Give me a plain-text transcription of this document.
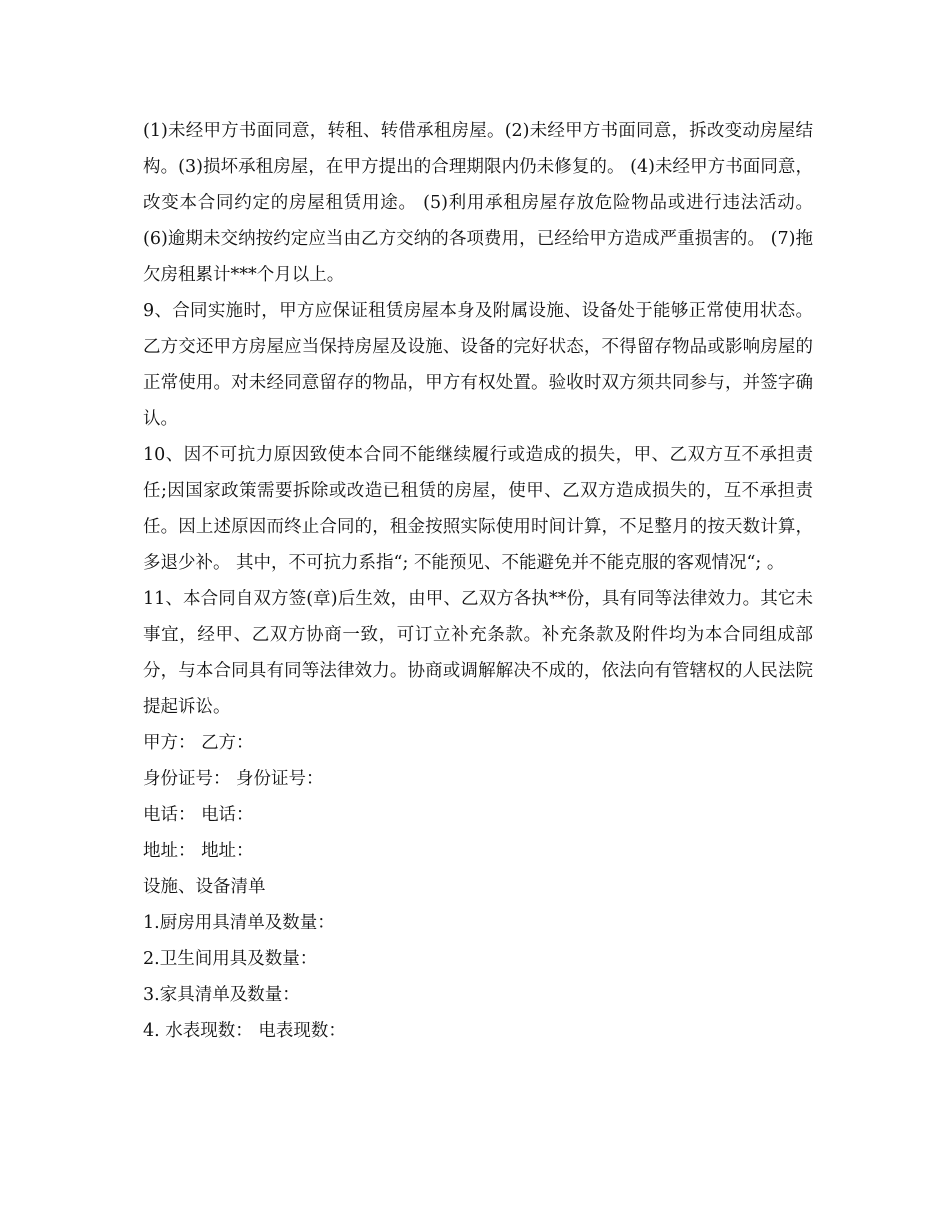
(1)未经甲方书面同意，转租、转借承租房屋。(2)未经甲方书面同意，拆改变动房屋结构。(3)损坏承租房屋，在甲方提出的合理期限内仍未修复的。 (4)未经甲方书面同意，改变本合同约定的房屋租赁用途。 (5)利用承租房屋存放危险物品或进行违法活动。 (6)逾期未交纳按约定应当由乙方交纳的各项费用，已经给甲方造成严重损害的。 (7)拖欠房租累计***个月以上。

9、合同实施时，甲方应保证租赁房屋本身及附属设施、设备处于能够正常使用状态。乙方交还甲方房屋应当保持房屋及设施、设备的完好状态，不得留存物品或影响房屋的正常使用。对未经同意留存的物品，甲方有权处置。验收时双方须共同参与，并签字确认。

10、因不可抗力原因致使本合同不能继续履行或造成的损失，甲、乙双方互不承担责任;因国家政策需要拆除或改造已租赁的房屋，使甲、乙双方造成损失的，互不承担责任。因上述原因而终止合同的，租金按照实际使用时间计算，不足整月的按天数计算，多退少补。 其中，不可抗力系指“; 不能预见、不能避免并不能克服的客观情况“; 。

11、本合同自双方签(章)后生效，由甲、乙双方各执**份，具有同等法律效力。其它未事宜，经甲、乙双方协商一致，可订立补充条款。补充条款及附件均为本合同组成部分，与本合同具有同等法律效力。协商或调解解决不成的，依法向有管辖权的人民法院提起诉讼。

甲方： 乙方：
身份证号： 身份证号：
电话： 电话：
地址： 地址：
设施、设备清单
1.厨房用具清单及数量：
2.卫生间用具及数量：
3.家具清单及数量：
4. 水表现数： 电表现数：
